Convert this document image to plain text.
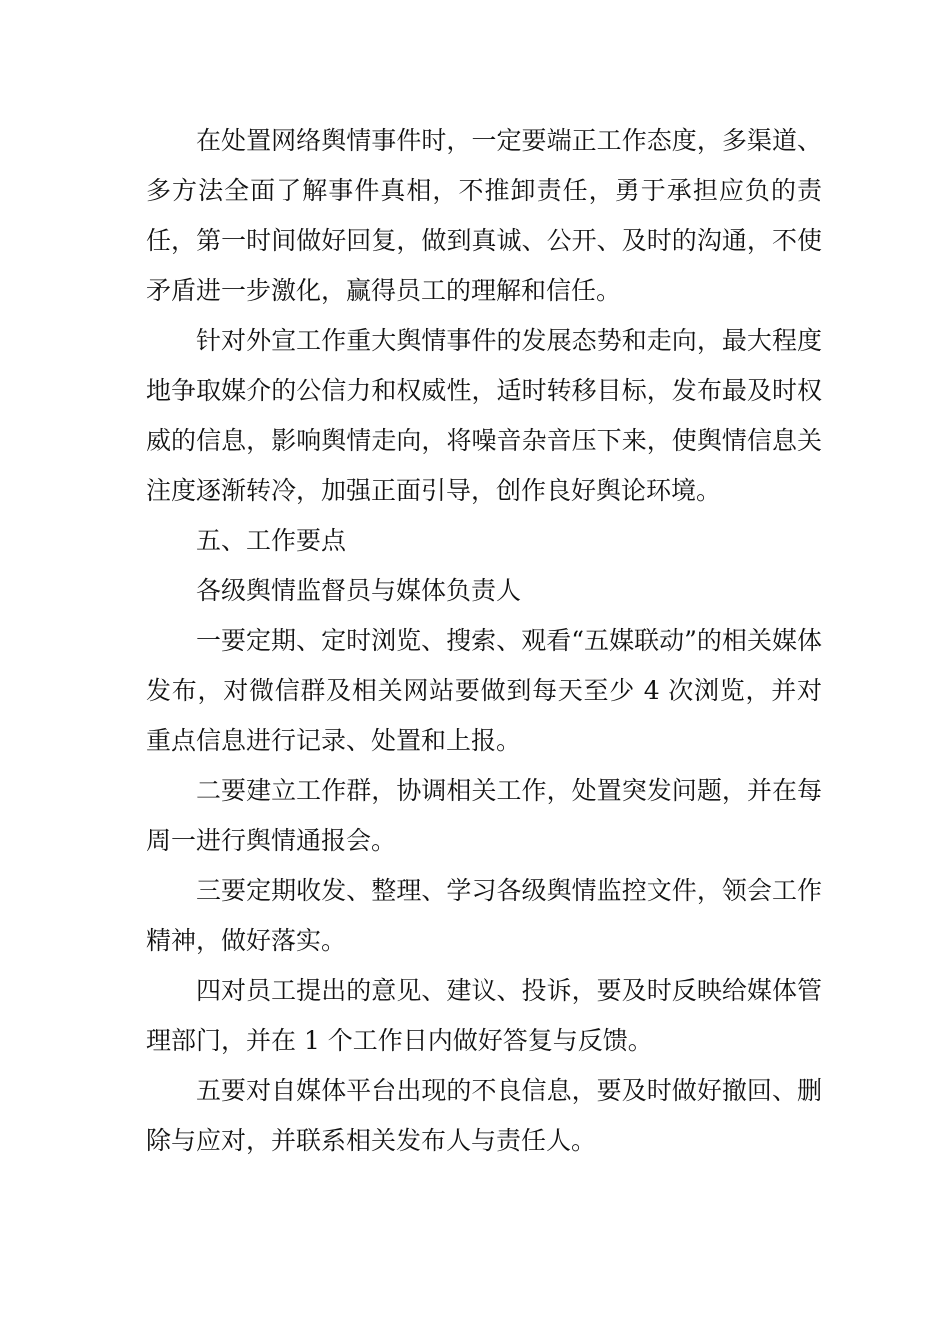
在处置网络舆情事件时，一定要端正工作态度，多渠道、多方法全面了解事件真相，不推卸责任，勇于承担应负的责任，第一时间做好回复，做到真诚、公开、及时的沟通，不使矛盾进一步激化，赢得员工的理解和信任。

针对外宣工作重大舆情事件的发展态势和走向，最大程度地争取媒介的公信力和权威性，适时转移目标，发布最及时权威的信息，影响舆情走向，将噪音杂音压下来，使舆情信息关注度逐渐转冷，加强正面引导，创作良好舆论环境。

五、工作要点

各级舆情监督员与媒体负责人

一要定期、定时浏览、搜索、观看“五媒联动”的相关媒体发布，对微信群及相关网站要做到每天至少 4 次浏览，并对重点信息进行记录、处置和上报。

二要建立工作群，协调相关工作，处置突发问题，并在每周一进行舆情通报会。

三要定期收发、整理、学习各级舆情监控文件，领会工作精神，做好落实。

四对员工提出的意见、建议、投诉，要及时反映给媒体管理部门，并在 1 个工作日内做好答复与反馈。

五要对自媒体平台出现的不良信息，要及时做好撤回、删除与应对，并联系相关发布人与责任人。
